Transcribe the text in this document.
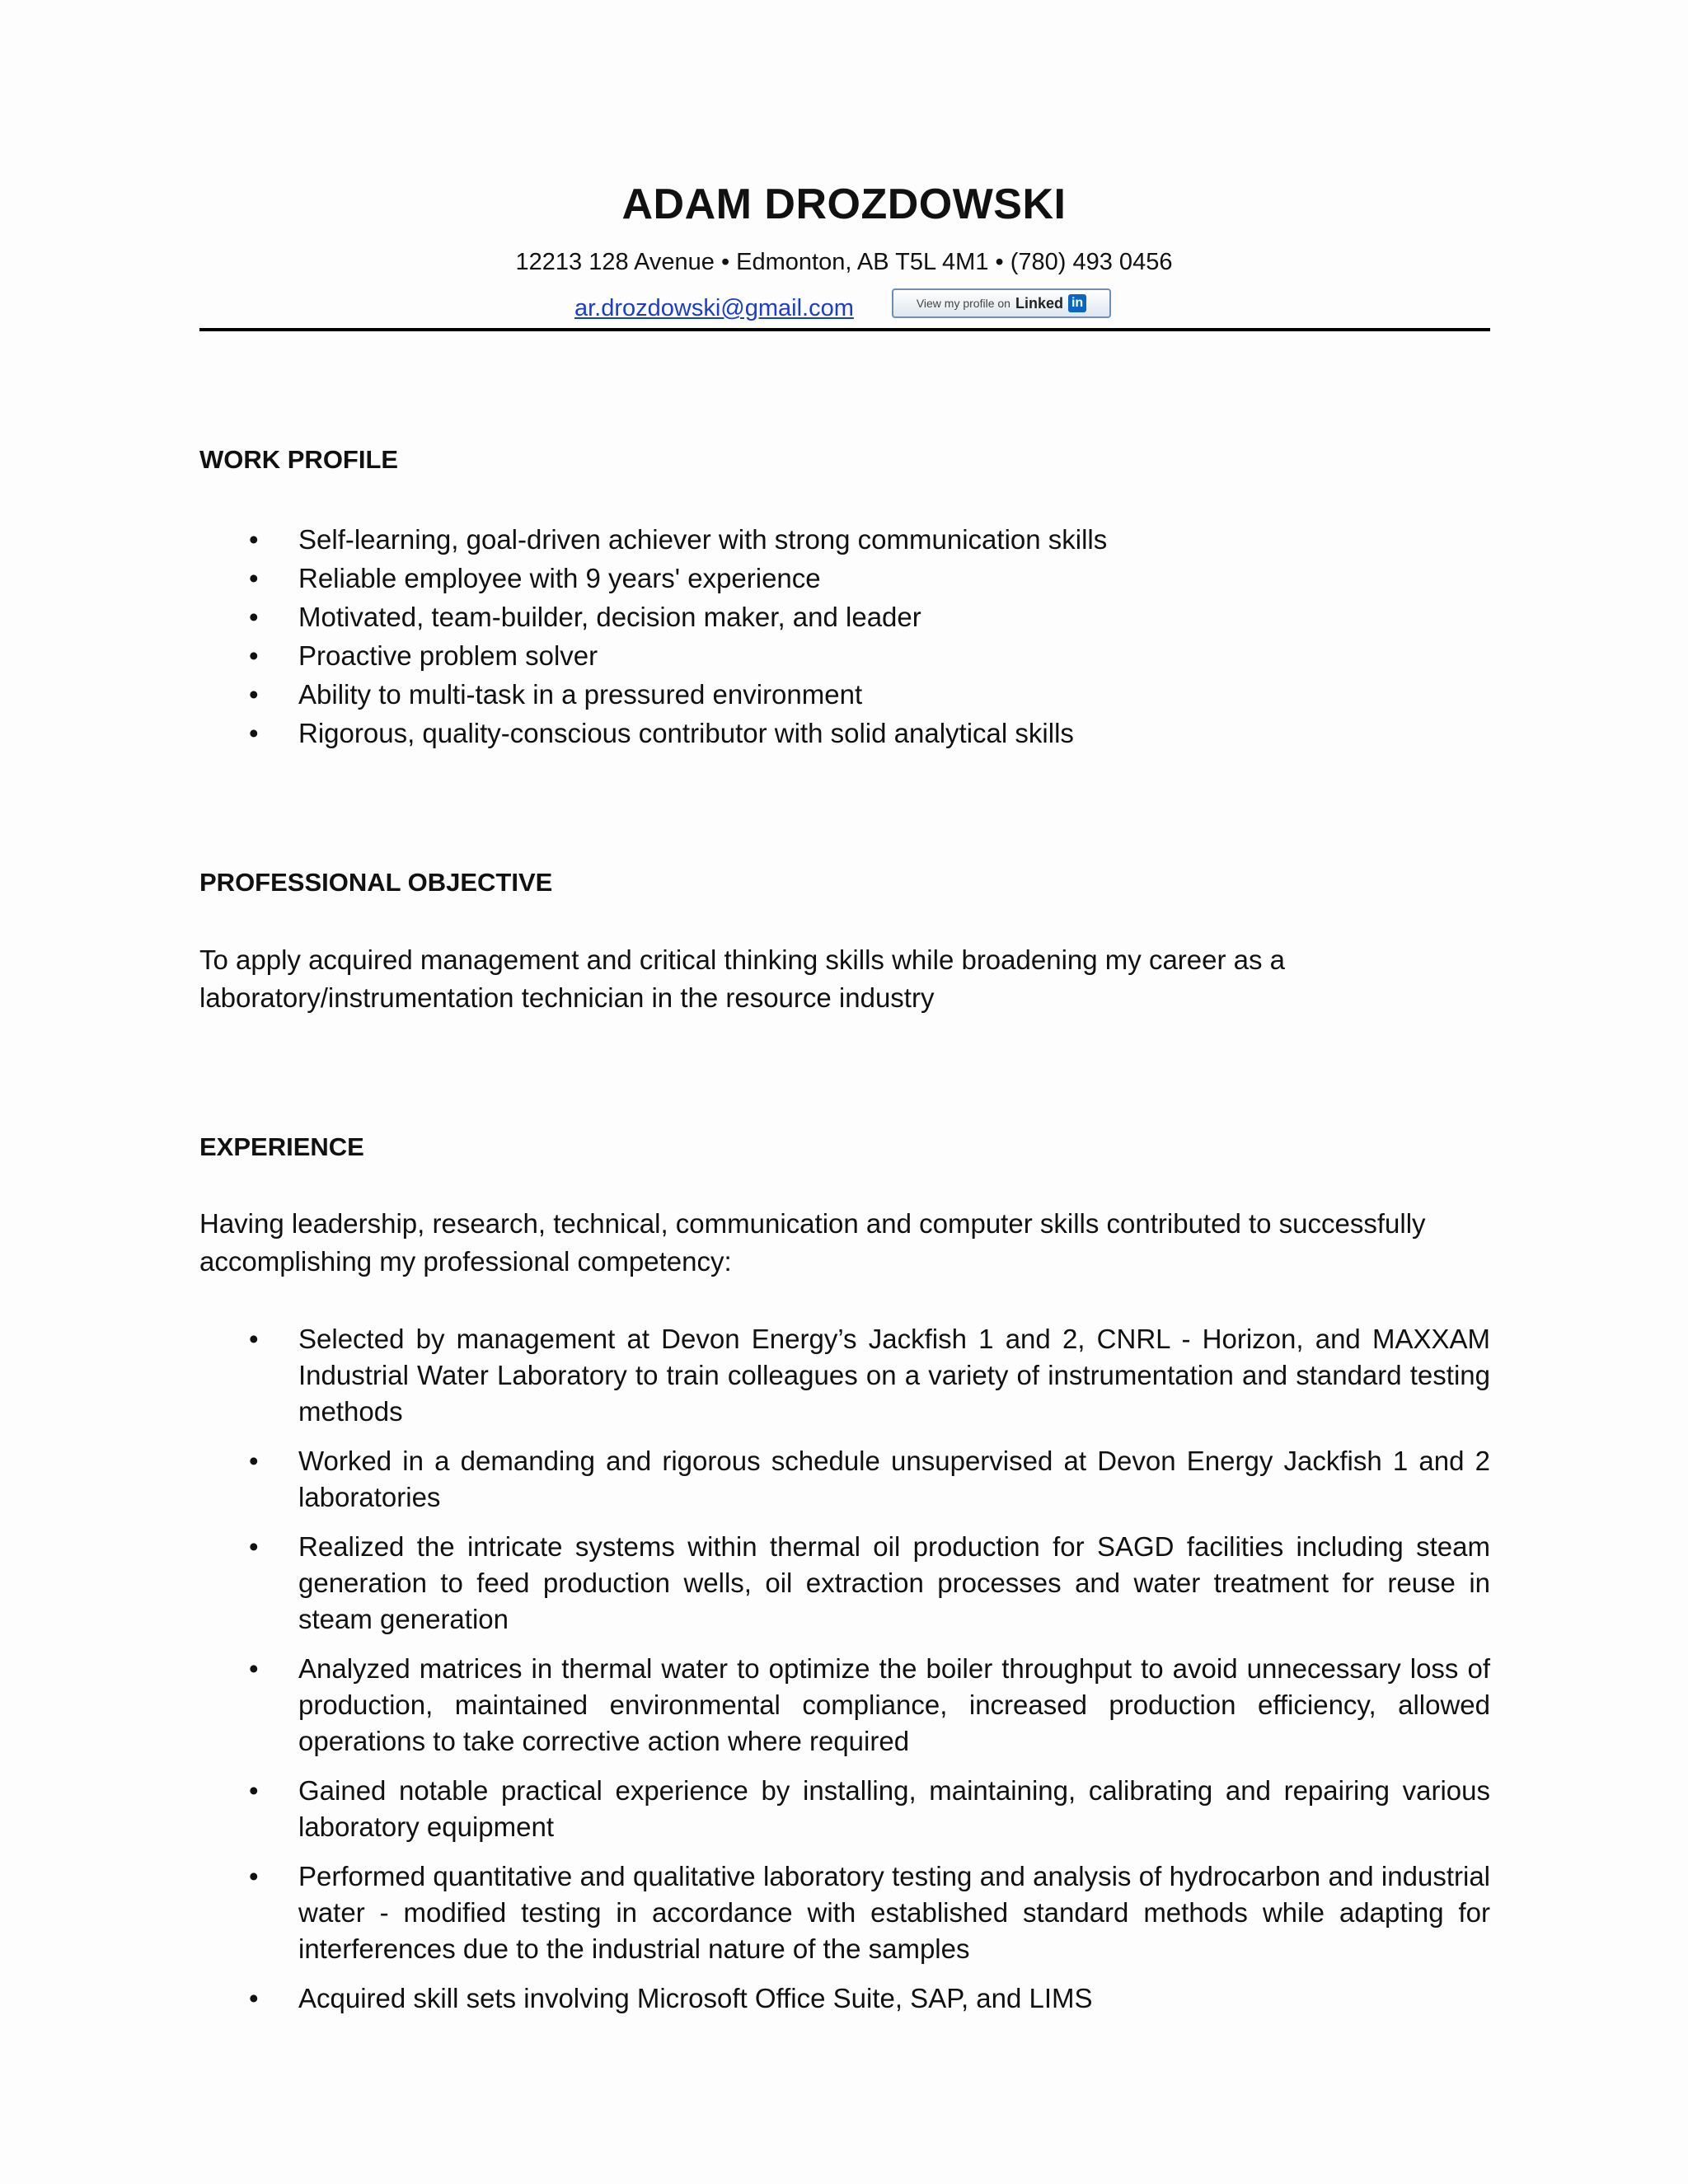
ADAM DROZDOWSKI
12213 128 Avenue • Edmonton, AB T5L 4M1 • (780) 493 0456
ar.drozdowski@gmail.com	View my profile on Linked in
WORK PROFILE
• Self-learning, goal-driven achiever with strong communication skills
• Reliable employee with 9 years' experience
• Motivated, team-builder, decision maker, and leader
• Proactive problem solver
• Ability to multi-task in a pressured environment
• Rigorous, quality-conscious contributor with solid analytical skills
PROFESSIONAL OBJECTIVE
To apply acquired management and critical thinking skills while broadening my career as a laboratory/instrumentation technician in the resource industry
EXPERIENCE
Having leadership, research, technical, communication and computer skills contributed to successfully accomplishing my professional competency:
• Selected by management at Devon Energy’s Jackfish 1 and 2, CNRL - Horizon, and MAXXAM Industrial Water Laboratory to train colleagues on a variety of instrumentation and standard testing methods
• Worked in a demanding and rigorous schedule unsupervised at Devon Energy Jackfish 1 and 2 laboratories
• Realized the intricate systems within thermal oil production for SAGD facilities including steam generation to feed production wells, oil extraction processes and water treatment for reuse in steam generation
• Analyzed matrices in thermal water to optimize the boiler throughput to avoid unnecessary loss of production, maintained environmental compliance, increased production efficiency, allowed operations to take corrective action where required
• Gained notable practical experience by installing, maintaining, calibrating and repairing various laboratory equipment
• Performed quantitative and qualitative laboratory testing and analysis of hydrocarbon and industrial water - modified testing in accordance with established standard methods while adapting for interferences due to the industrial nature of the samples
• Acquired skill sets involving Microsoft Office Suite, SAP, and LIMS
